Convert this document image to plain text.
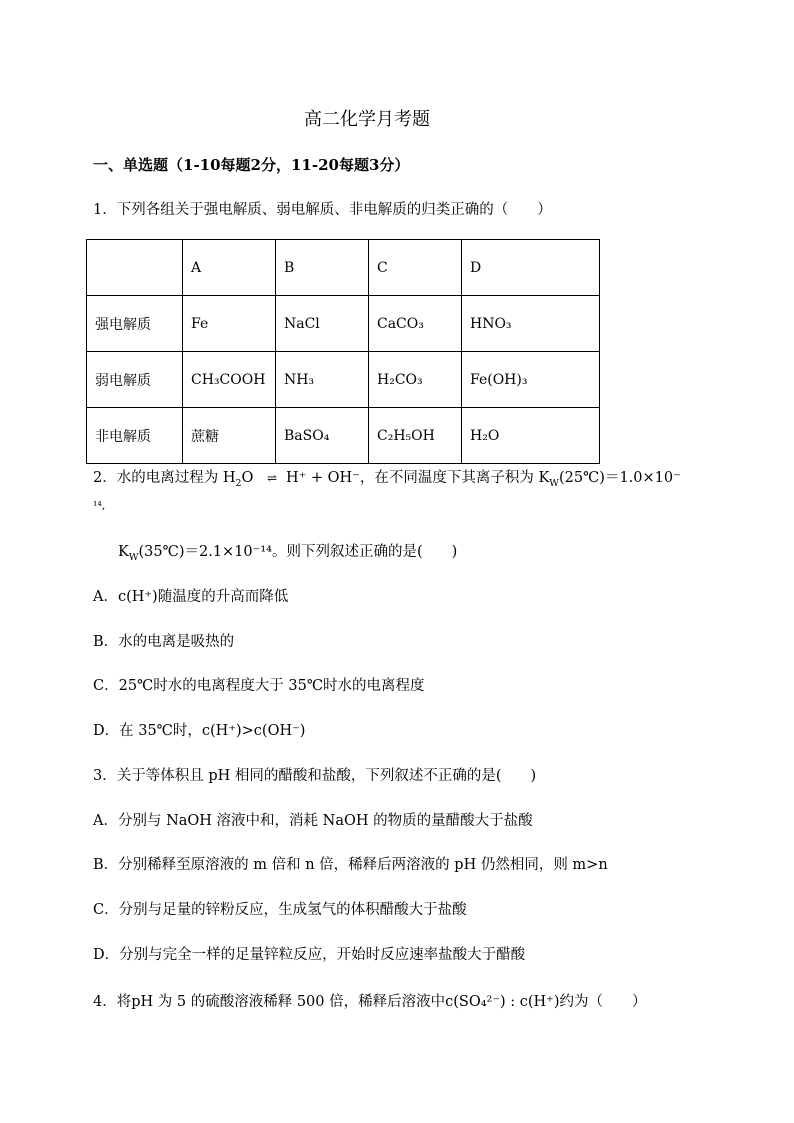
高二化学月考题
一、单选题（1-10每题2分，11-20每题3分）
1．下列各组关于强电解质、弱电解质、非电解质的归类正确的（　　）
	A	B	C	D
强电解质	Fe	NaCl	CaCO₃	HNO₃
弱电解质	CH₃COOH	NH₃	H₂CO₃	Fe(OH)₃
非电解质	蔗糖	BaSO₄	C₂H₅OH	H₂O
2．水的电离过程为 $H_2O$ ⇌ H⁺ + OH⁻，在不同温度下其离子积为 $K_W(25℃)=1.0\times 10^-$
¹⁴,
$K_W(35℃)=2.1\times 10^{-14}$。则下列叙述正确的是(　　)
A．c(H⁺)随温度的升高而降低
B．水的电离是吸热的
C．25℃时水的电离程度大于 35℃时水的电离程度
D．在 35℃时，c(H⁺)>c(OH⁻)
3．关于等体积且 pH 相同的醋酸和盐酸，下列叙述不正确的是(　　)
A．分别与 NaOH 溶液中和，消耗 NaOH 的物质的量醋酸大于盐酸
B．分别稀释至原溶液的 m 倍和 n 倍，稀释后两溶液的 pH 仍然相同，则 m>n
C．分别与足量的锌粉反应，生成氢气的体积醋酸大于盐酸
D．分别与完全一样的足量锌粒反应，开始时反应速率盐酸大于醋酸
4．将pH 为 5 的硫酸溶液稀释 500 倍，稀释后溶液中c(SO₄²⁻) : c(H⁺)约为（　　）
